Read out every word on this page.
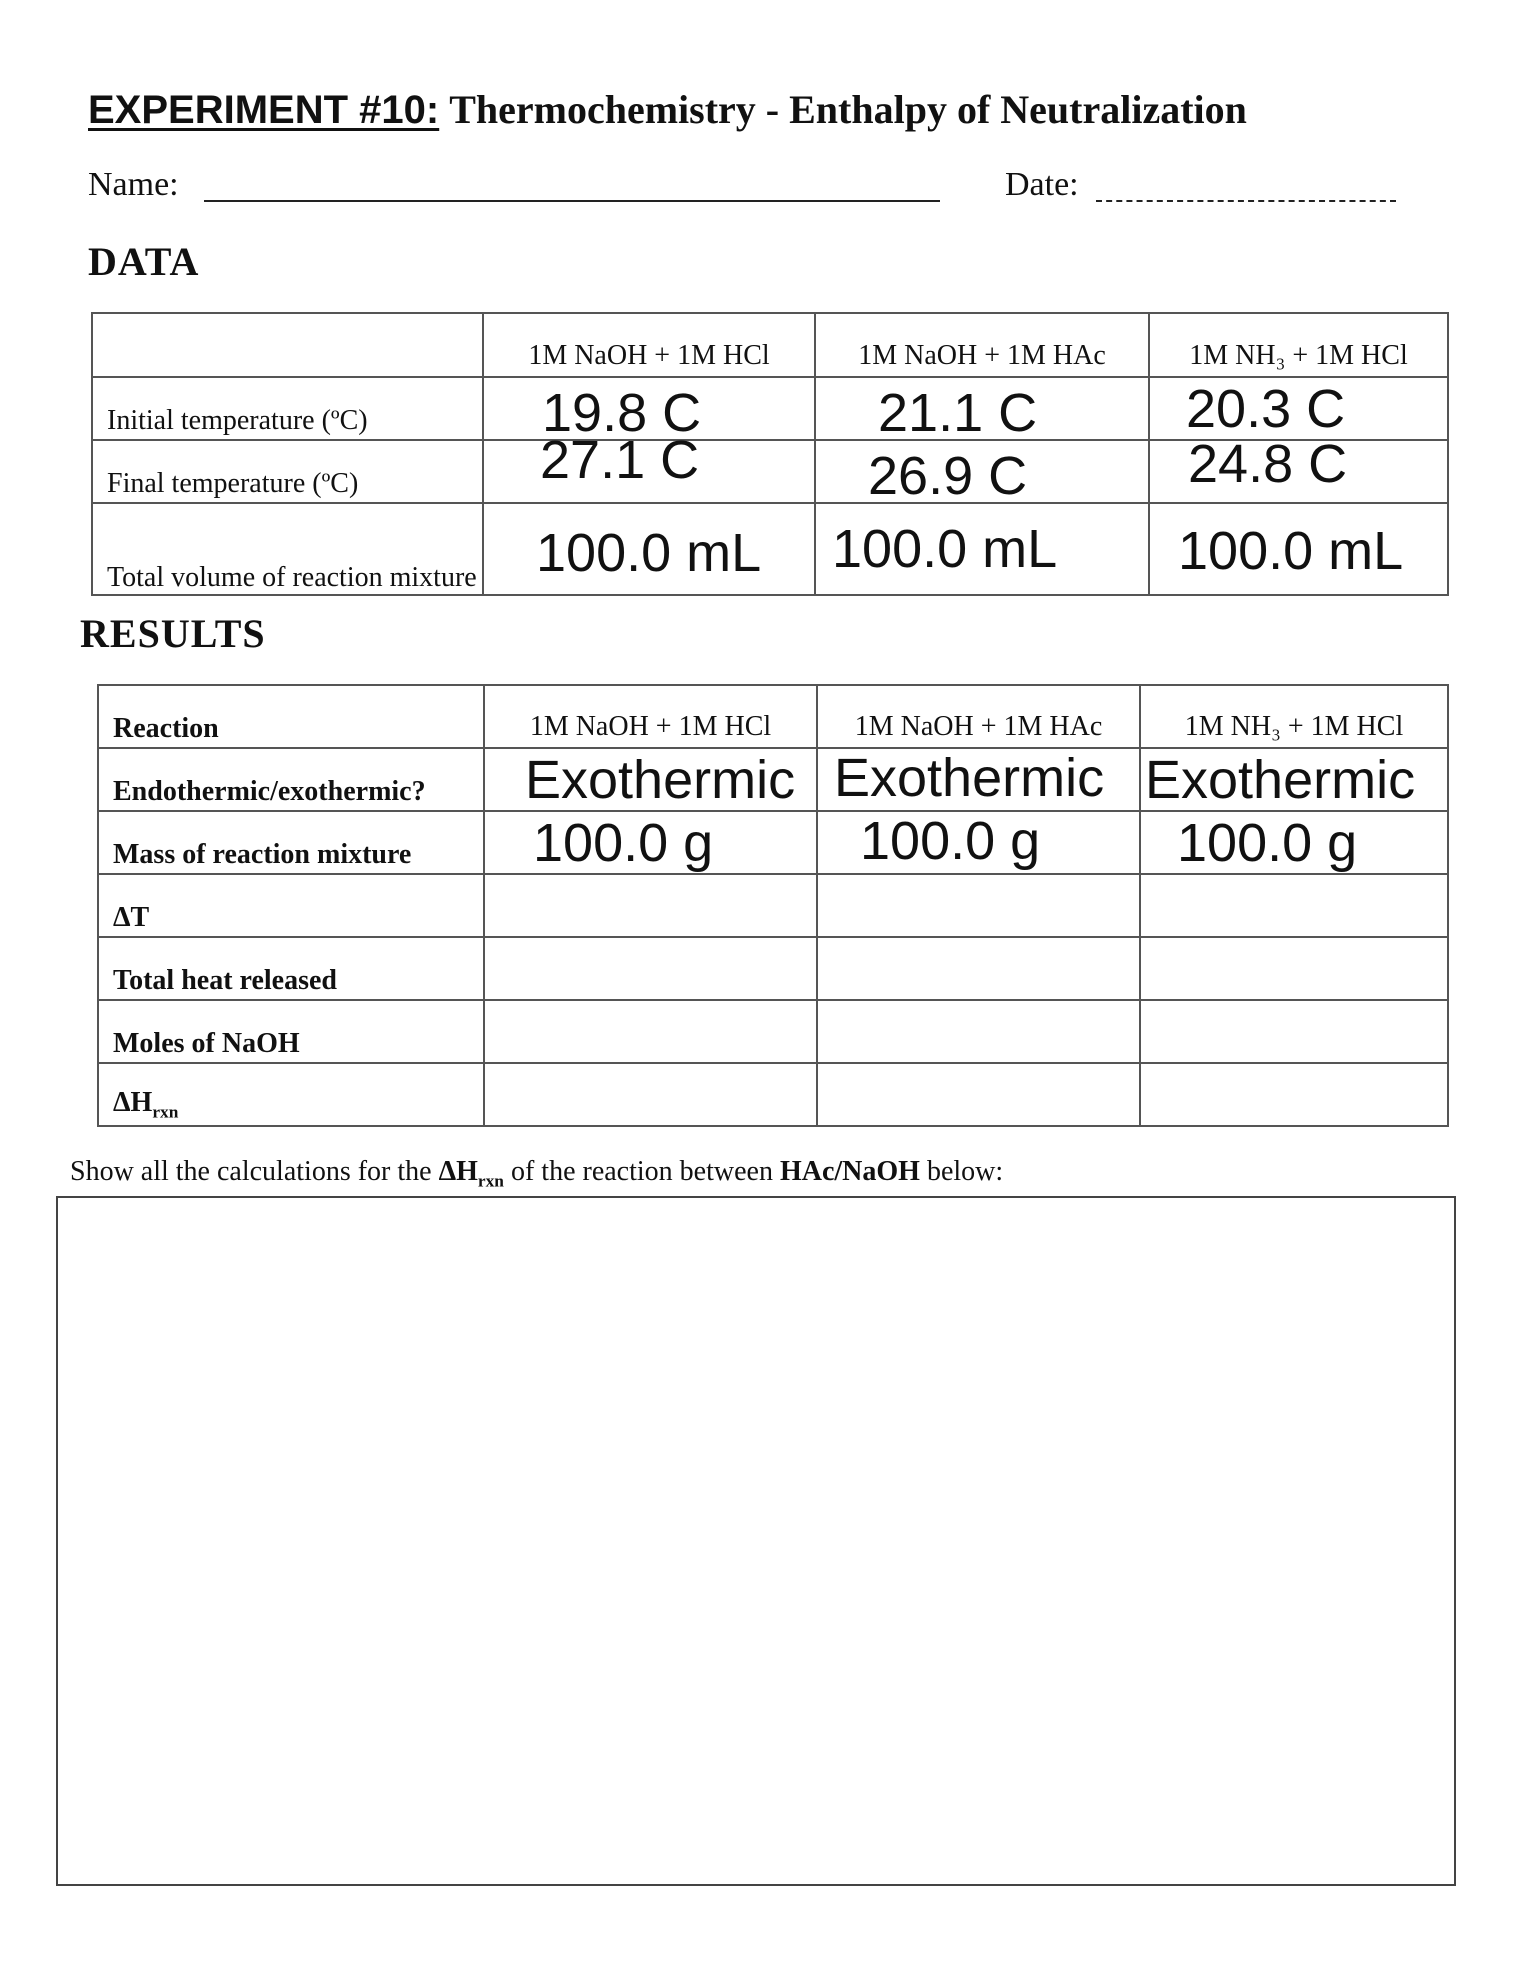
EXPERIMENT #10: Thermochemistry - Enthalpy of Neutralization
Name:	Date:
DATA
	1M NaOH + 1M HCl	1M NaOH + 1M HAc	1M NH₃ + 1M HCl
Initial temperature (ºC)	19.8 C	21.1 C	20.3 C

Final temperature (ºC)	27.1 C	26.9 C	24.8 C

Total volume of reaction mixture	100.0 mL	100.0 mL	100.0 mL
RESULTS
Reaction	1M NaOH + 1M HCl	1M NaOH + 1M HAc	1M NH₃ + 1M HCl
Endothermic/exothermic?	Exothermic	Exothermic	Exothermic

Mass of reaction mixture	100.0 g	100.0 g	100.0 g

ΔT			
Total heat released			
Moles of NaOH			
$\Delta H_{rxn}$			
Show all the calculations for the $\Delta H_{rxn}$ of the reaction between HAc/NaOH below:
